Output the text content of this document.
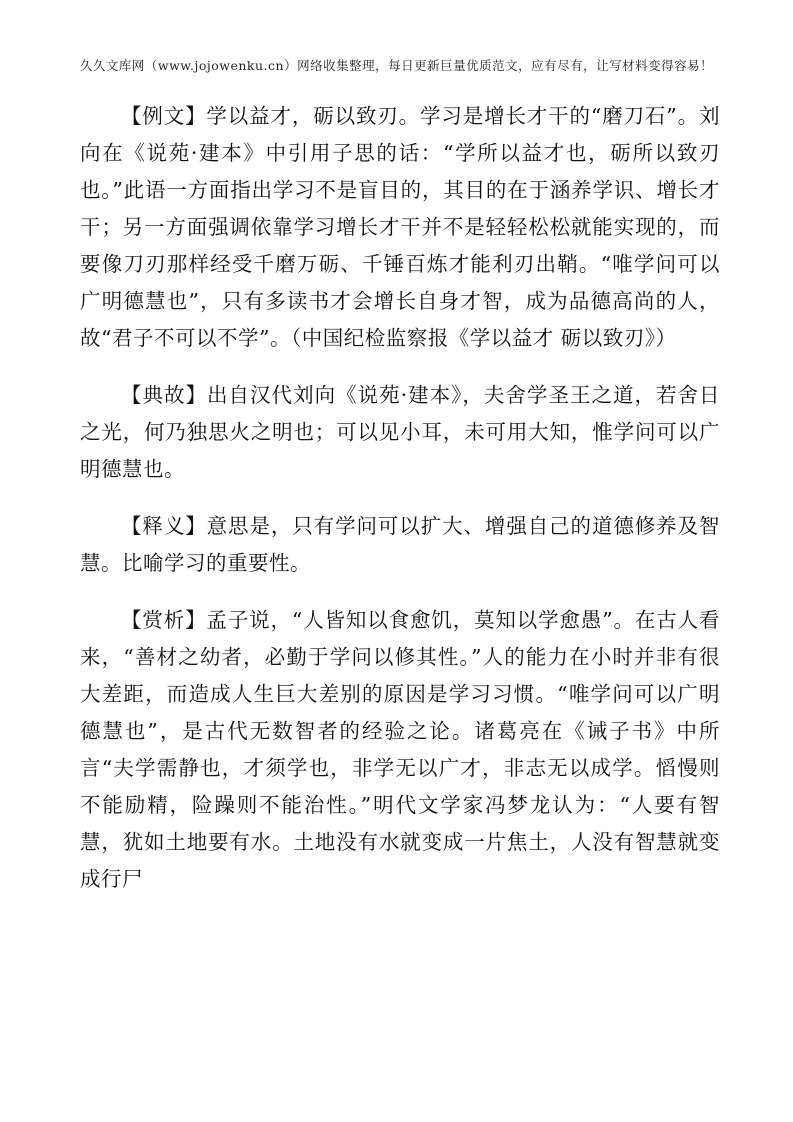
久久文库网（www.jojowenku.cn）网络收集整理，每日更新巨量优质范文，应有尽有，让写材料变得容易！

【例文】学以益才，砺以致刃。学习是增长才干的“磨刀石”。刘向在《说苑·建本》中引用子思的话：“学所以益才也，砺所以致刃也。”此语一方面指出学习不是盲目的，其目的在于涵养学识、增长才干；另一方面强调依靠学习增长才干并不是轻轻松松就能实现的，而要像刀刃那样经受千磨万砺、千锤百炼才能利刃出鞘。“唯学问可以广明德慧也”，只有多读书才会增长自身才智，成为品德高尚的人，故“君子不可以不学”。（中国纪检监察报《学以益才 砺以致刃》）

【典故】出自汉代刘向《说苑·建本》，夫舍学圣王之道，若舍日之光，何乃独思火之明也；可以见小耳，未可用大知，惟学问可以广明德慧也。

【释义】意思是，只有学问可以扩大、增强自己的道德修养及智慧。比喻学习的重要性。

【赏析】孟子说，“人皆知以食愈饥，莫知以学愈愚”。在古人看来，“善材之幼者，必勤于学问以修其性。”人的能力在小时并非有很大差距，而造成人生巨大差别的原因是学习习惯。“唯学问可以广明德慧也”，是古代无数智者的经验之论。诸葛亮在《诫子书》中所言“夫学需静也，才须学也，非学无以广才，非志无以成学。慆慢则不能励精，险躁则不能治性。”明代文学家冯梦龙认为：“人要有智慧，犹如土地要有水。土地没有水就变成一片焦土，人没有智慧就变成行尸
